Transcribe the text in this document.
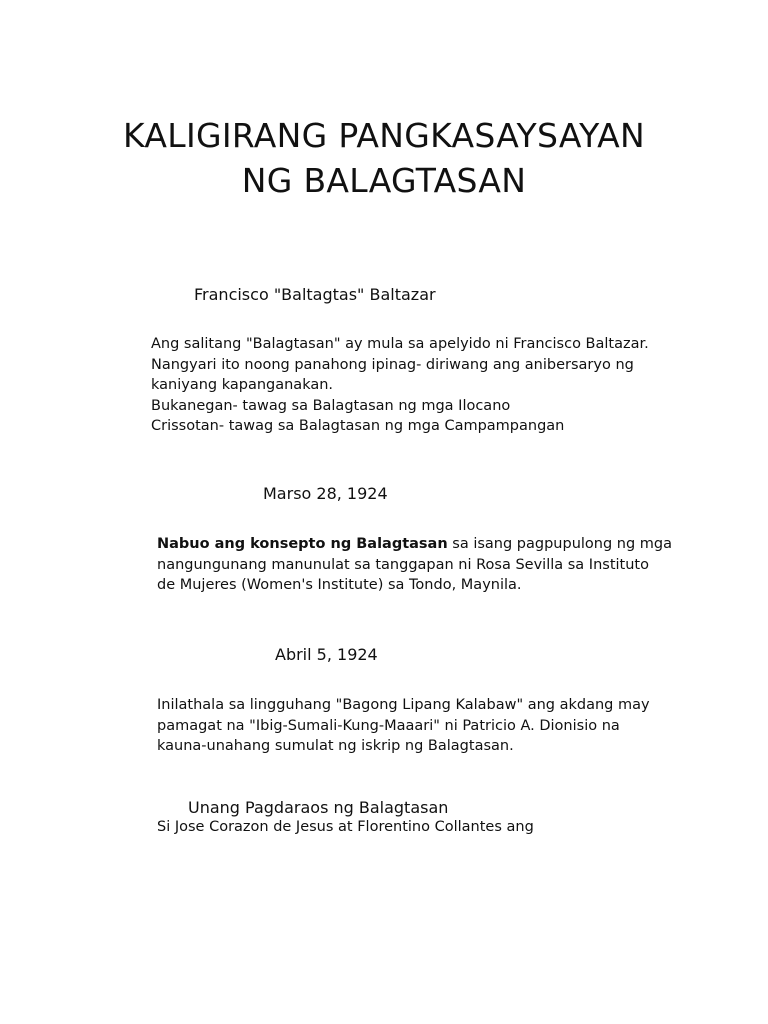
KALIGIRANG PANGKASAYSAYAN
NG BALAGTASAN

Francisco "Baltagtas" Baltazar

Ang salitang "Balagtasan" ay mula sa apelyido ni Francisco Baltazar.
Nangyari ito noong panahong ipinag- diriwang ang anibersaryo ng
kaniyang kapanganakan.
Bukanegan- tawag sa Balagtasan ng mga Ilocano
Crissotan- tawag sa Balagtasan ng mga Campampangan

Marso 28, 1924

Nabuo ang konsepto ng Balagtasan sa isang pagpupulong ng mga
nangungunang manunulat sa tanggapan ni Rosa Sevilla sa Instituto
de Mujeres (Women's Institute) sa Tondo, Maynila.

Abril 5, 1924

Inilathala sa lingguhang "Bagong Lipang Kalabaw" ang akdang may
pamagat na "Ibig-Sumali-Kung-Maaari" ni Patricio A. Dionisio na
kauna-unahang sumulat ng iskrip ng Balagtasan.

Unang Pagdaraos ng Balagtasan

Si Jose Corazon de Jesus at Florentino Collantes ang
